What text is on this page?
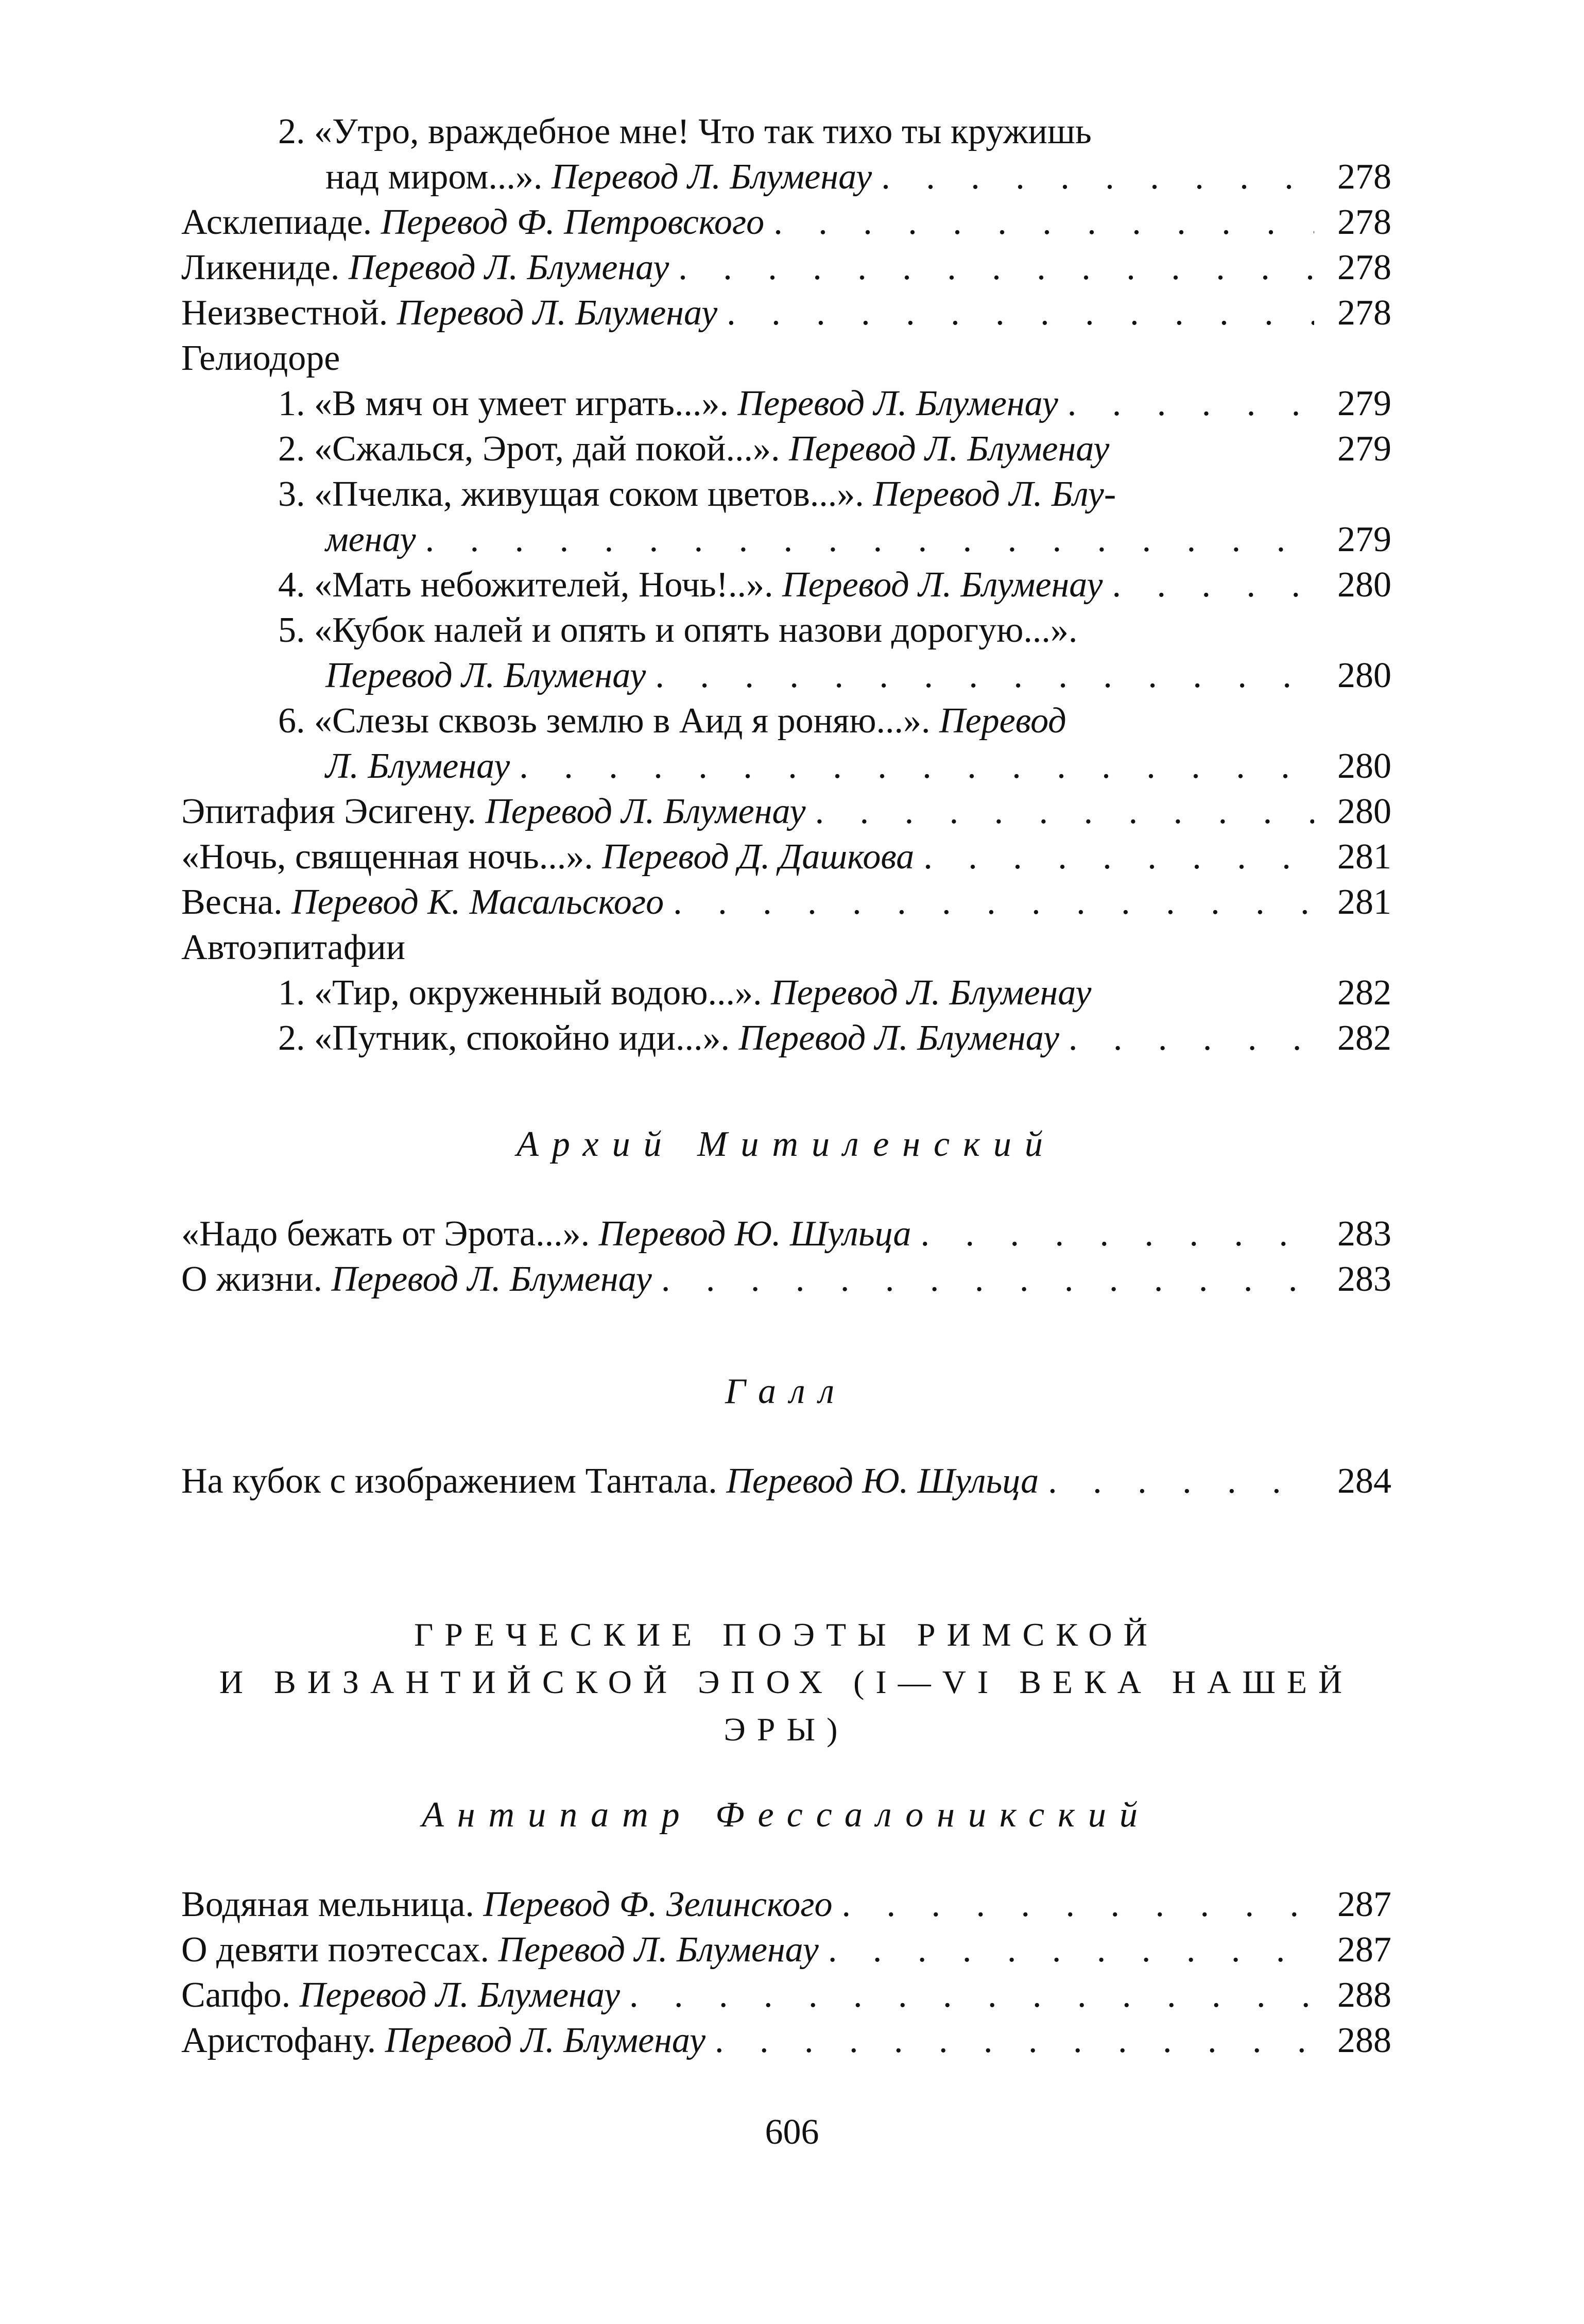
2. «Утро, враждебное мне! Что так тихо ты кружишь
над миром...». Перевод Л. Блуменау . . .	278
Асклепиаде. Перевод Ф. Петровского . . .	278
Ликениде. Перевод Л. Блуменау . . .	278
Неизвестной. Перевод Л. Блуменау . . .	278
Гелиодоре
1. «В мяч он умеет играть...». Перевод Л. Блуменау . . .	279
2. «Сжалься, Эрот, дай покой...». Перевод Л. Блуменау	279
3. «Пчелка, живущая соком цветов...». Перевод Л. Блу-
менау . . .	279
4. «Мать небожителей, Ночь!..». Перевод Л. Блуменау . . .	280
5. «Кубок налей и опять и опять назови дорогую...».
Перевод Л. Блуменау . . .	280
6. «Слезы сквозь землю в Аид я роняю...». Перевод
Л. Блуменау . . .	280
Эпитафия Эсигену. Перевод Л. Блуменау . . .	280
«Ночь, священная ночь...». Перевод Д. Дашкова . . .	281
Весна. Перевод К. Масальского . . .	281
Автоэпитафии
1. «Тир, окруженный водою...». Перевод Л. Блуменау	282
2. «Путник, спокойно иди...». Перевод Л. Блуменау . . .	282
Архий Митиленский
«Надо бежать от Эрота...». Перевод Ю. Шульца . . .	283
О жизни. Перевод Л. Блуменау . . .	283
Галл
На кубок с изображением Тантала. Перевод Ю. Шульца . . .	284
ГРЕЧЕСКИЕ ПОЭТЫ РИМСКОЙ
И ВИЗАНТИЙСКОЙ ЭПОХ (I—VI ВЕКА НАШЕЙ ЭРЫ)
Антипатр Фессалоникский
Водяная мельница. Перевод Ф. Зелинского . . .	287
О девяти поэтессах. Перевод Л. Блуменау . . .	287
Сапфо. Перевод Л. Блуменау . . .	288
Аристофану. Перевод Л. Блуменау . . .	288
606
